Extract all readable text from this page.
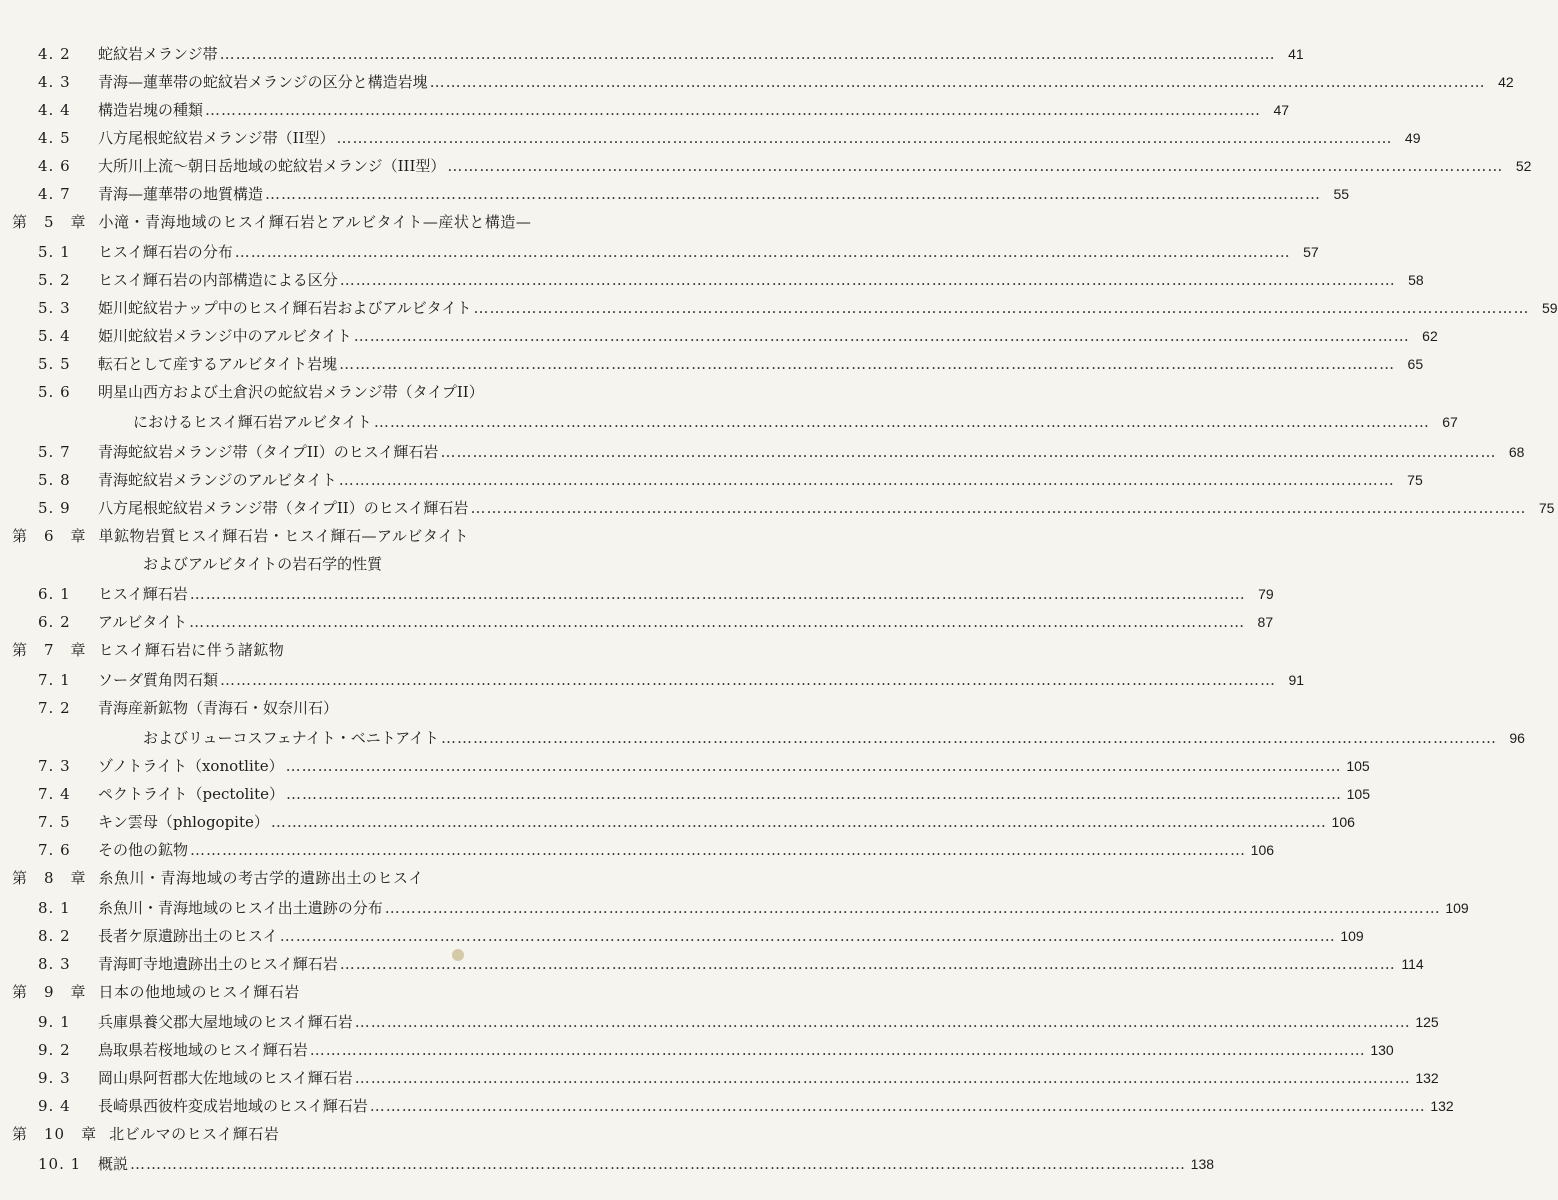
4. 2	蛇紋岩メランジ帯 ………………………………………………………………………………………………………………………………………………………………………………	41
4. 3	青海—蓮華帯の蛇紋岩メランジの区分と構造岩塊 ………………………………………………………………………………………………………………………………………………………………………………	42
4. 4	構造岩塊の種類 ………………………………………………………………………………………………………………………………………………………………………………	47
4. 5	八方尾根蛇紋岩メランジ帯（II型） ………………………………………………………………………………………………………………………………………………………………………………	49
4. 6	大所川上流～朝日岳地域の蛇紋岩メランジ（III型） ………………………………………………………………………………………………………………………………………………………………………………	52
4. 7	青海—蓮華帯の地質構造 ………………………………………………………………………………………………………………………………………………………………………………	55
第　5　章 小滝・青海地域のヒスイ輝石岩とアルビタイト—産状と構造—
5. 1	ヒスイ輝石岩の分布 ………………………………………………………………………………………………………………………………………………………………………………	57
5. 2	ヒスイ輝石岩の内部構造による区分 ………………………………………………………………………………………………………………………………………………………………………………	58
5. 3	姫川蛇紋岩ナップ中のヒスイ輝石岩およびアルビタイト ………………………………………………………………………………………………………………………………………………………………………………	59
5. 4	姫川蛇紋岩メランジ中のアルビタイト ………………………………………………………………………………………………………………………………………………………………………………	62
5. 5	転石として産するアルビタイト岩塊 ………………………………………………………………………………………………………………………………………………………………………………	65
5. 6	明星山西方および土倉沢の蛇紋岩メランジ帯（タイプII）
におけるヒスイ輝石岩アルビタイト ………………………………………………………………………………………………………………………………………………………………………………	67
5. 7	青海蛇紋岩メランジ帯（タイプII）のヒスイ輝石岩 ………………………………………………………………………………………………………………………………………………………………………………	68
5. 8	青海蛇紋岩メランジのアルビタイト ………………………………………………………………………………………………………………………………………………………………………………	75
5. 9	八方尾根蛇紋岩メランジ帯（タイプII）のヒスイ輝石岩 ………………………………………………………………………………………………………………………………………………………………………………	75
第　6　章 単鉱物岩質ヒスイ輝石岩・ヒスイ輝石—アルビタイト
およびアルビタイトの岩石学的性質
6. 1	ヒスイ輝石岩 ………………………………………………………………………………………………………………………………………………………………………………	79
6. 2	アルビタイト ………………………………………………………………………………………………………………………………………………………………………………	87
第　7　章 ヒスイ輝石岩に伴う諸鉱物
7. 1	ソーダ質角閃石類 ………………………………………………………………………………………………………………………………………………………………………………	91
7. 2	青海産新鉱物（青海石・奴奈川石）
およびリューコスフェナイト・ベニトアイト ………………………………………………………………………………………………………………………………………………………………………………	96
7. 3	ゾノトライト（xonotlite） ………………………………………………………………………………………………………………………………………………………………………………	105
7. 4	ペクトライト（pectolite） ………………………………………………………………………………………………………………………………………………………………………………	105
7. 5	キン雲母（phlogopite） ………………………………………………………………………………………………………………………………………………………………………………	106
7. 6	その他の鉱物 ………………………………………………………………………………………………………………………………………………………………………………	106
第　8　章 糸魚川・青海地域の考古学的遺跡出土のヒスイ
8. 1	糸魚川・青海地域のヒスイ出土遺跡の分布 ………………………………………………………………………………………………………………………………………………………………………………	109
8. 2	長者ケ原遺跡出土のヒスイ ………………………………………………………………………………………………………………………………………………………………………………	109
8. 3	青海町寺地遺跡出土のヒスイ輝石岩 ………………………………………………………………………………………………………………………………………………………………………………	114
第　9　章 日本の他地域のヒスイ輝石岩
9. 1	兵庫県養父郡大屋地域のヒスイ輝石岩 ………………………………………………………………………………………………………………………………………………………………………………	125
9. 2	鳥取県若桜地域のヒスイ輝石岩 ………………………………………………………………………………………………………………………………………………………………………………	130
9. 3	岡山県阿哲郡大佐地域のヒスイ輝石岩 ………………………………………………………………………………………………………………………………………………………………………………	132
9. 4	長崎県西彼杵変成岩地域のヒスイ輝石岩 ………………………………………………………………………………………………………………………………………………………………………………	132
第　10　章 北ビルマのヒスイ輝石岩
10. 1	概説 ………………………………………………………………………………………………………………………………………………………………………………	138
